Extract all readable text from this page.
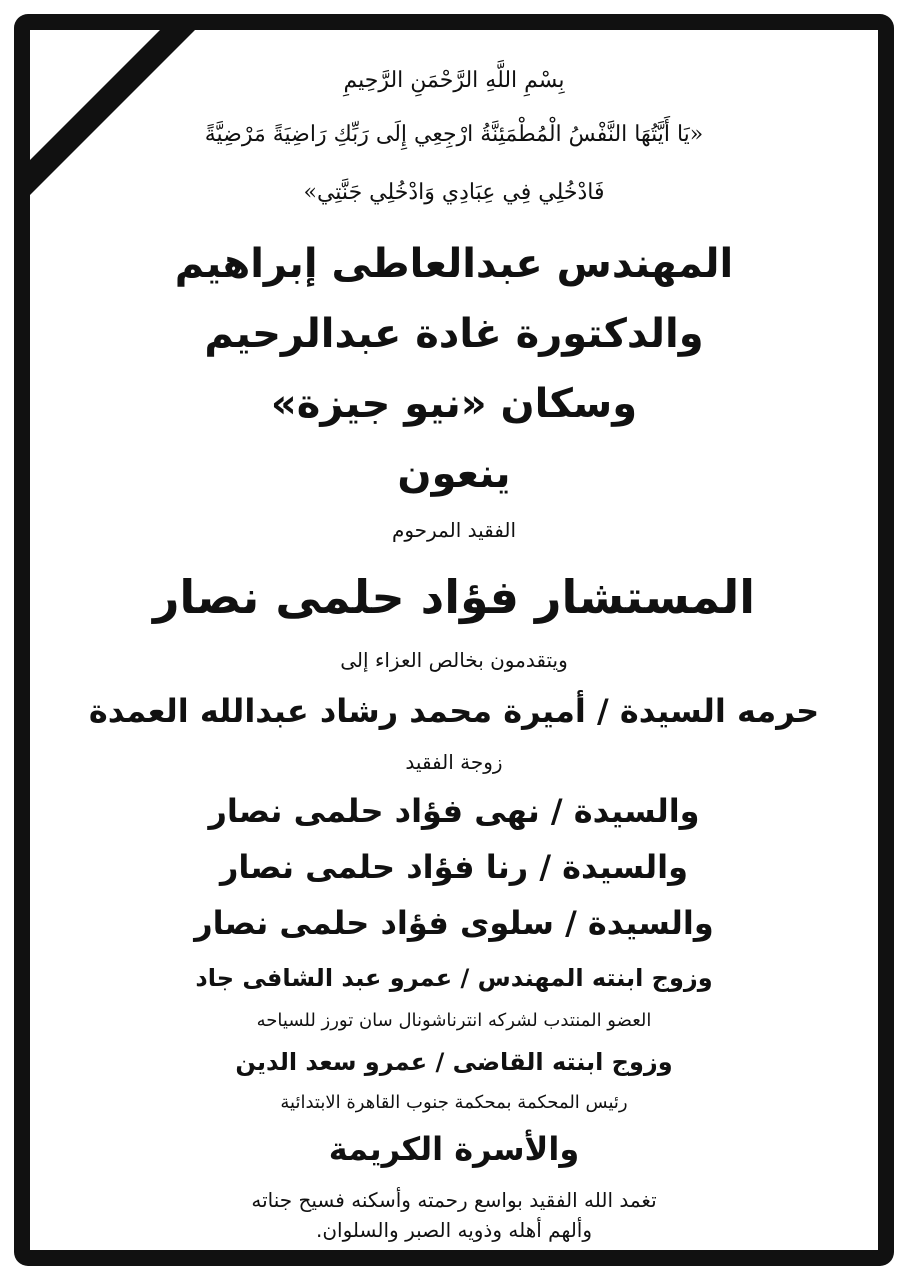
بِسْمِ اللَّهِ الرَّحْمَنِ الرَّحِيمِ
«يَا أَيَّتُهَا النَّفْسُ الْمُطْمَئِنَّةُ ارْجِعِي إِلَى رَبِّكِ رَاضِيَةً مَرْضِيَّةً
فَادْخُلِي فِي عِبَادِي وَادْخُلِي جَنَّتِي»
المهندس عبدالعاطى إبراهيم
والدكتورة غادة عبدالرحيم
وسكان «نيو جيزة»
ينعون
الفقيد المرحوم
المستشار فؤاد حلمى نصار
ويتقدمون بخالص العزاء إلى
حرمه السيدة / أميرة محمد رشاد عبدالله العمدة
زوجة الفقيد
والسيدة / نهى فؤاد حلمى نصار
والسيدة / رنا فؤاد حلمى نصار
والسيدة / سلوى فؤاد حلمى نصار
وزوج ابنته المهندس / عمرو عبد الشافى جاد
العضو المنتدب لشركه انترناشونال سان تورز للسياحه
وزوج ابنته القاضى / عمرو سعد الدين
رئيس المحكمة بمحكمة جنوب القاهرة الابتدائية
والأسرة الكريمة
تغمد الله الفقيد بواسع رحمته وأسكنه فسيح جناته
وألهم أهله وذويه الصبر والسلوان.
